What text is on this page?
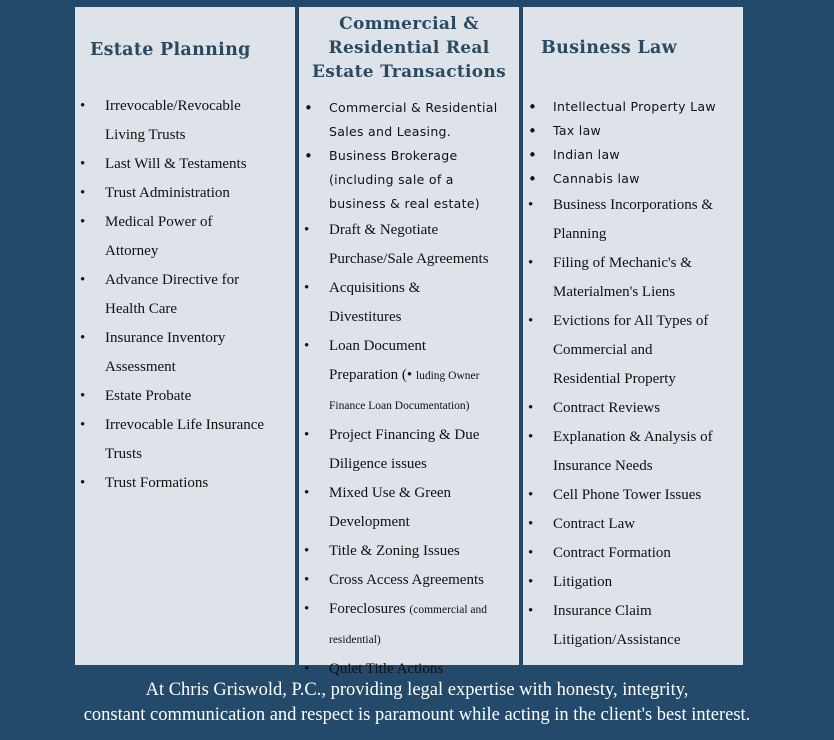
Estate Planning
• Irrevocable/Revocable
Living Trusts
• Last Will & Testaments
• Trust Administration
• Medical Power of
Attorney
• Advance Directive for
Health Care
• Insurance Inventory
Assessment
• Estate Probate
• Irrevocable Life Insurance
Trusts
• Trust Formations
Commercial &
Residential Real
Estate Transactions
• Commercial & Residential
Sales and Leasing.
• Business Brokerage
(including sale of a
business & real estate)
• Draft & Negotiate
Purchase/Sale Agreements
• Acquisitions &
Divestitures
• Loan Document
Preparation (• luding Owner
Finance Loan Documentation)
• Project Financing & Due
Diligence issues
• Mixed Use & Green
Development
• Title & Zoning Issues
• Cross Access Agreements
• Foreclosures (commercial and
residential)
• Quiet Title Actions
Business Law
• Intellectual Property Law
• Tax law
• Indian law
• Cannabis law
• Business Incorporations &
Planning
• Filing of Mechanic's &
Materialmen's Liens
• Evictions for All Types of
Commercial and
Residential Property
• Contract Reviews
• Explanation & Analysis of
Insurance Needs
• Cell Phone Tower Issues
• Contract Law
• Contract Formation
• Litigation
• Insurance Claim
Litigation/Assistance
At Chris Griswold, P.C., providing legal expertise with honesty, integrity,
constant communication and respect is paramount while acting in the client's best interest.
